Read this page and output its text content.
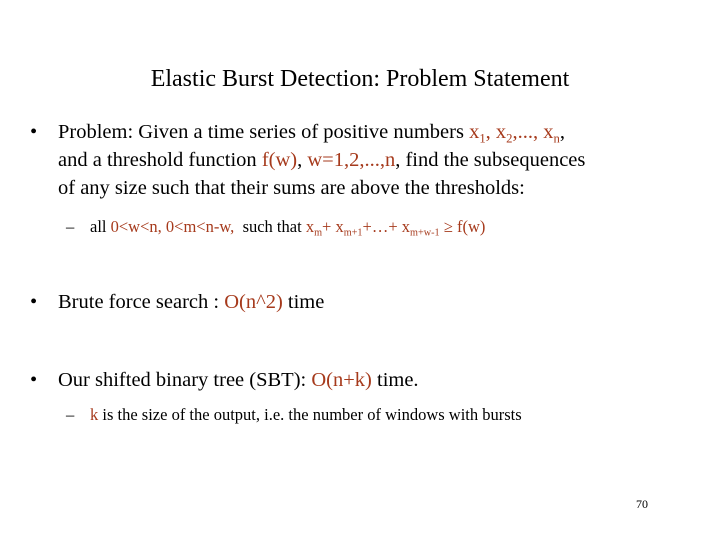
Elastic Burst Detection: Problem Statement
• Problem: Given a time series of positive numbers $x_1$, $x_2$,..., $x_n$,
and a threshold function f(w), w=1,2,...,n, find the subsequences
of any size such that their sums are above the thresholds:
– all 0<w<n, 0<m<n-w,  such that $x_m+$ $x_{m+1}+\dots+ x_{m+w-1} \ge f(w)$
• Brute force search : O(n^2) time
• Our shifted binary tree (SBT): O(n+k) time.
– k is the size of the output, i.e. the number of windows with bursts
70
